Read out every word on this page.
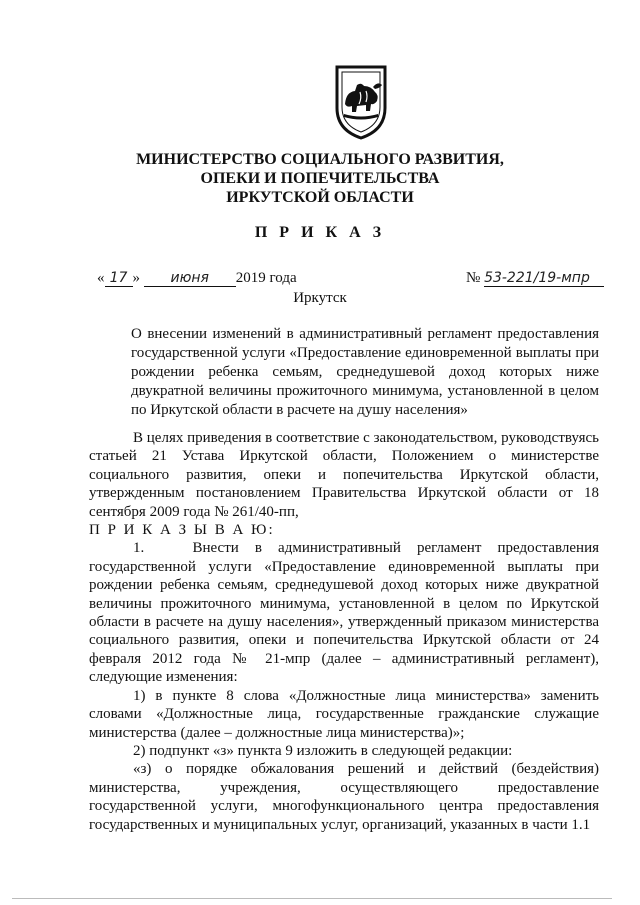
МИНИСТЕРСТВО СОЦИАЛЬНОГО РАЗВИТИЯ,
ОПЕКИ И ПОПЕЧИТЕЛЬСТВА
ИРКУТСКОЙ ОБЛАСТИ
П Р И К А З
« 17 » июня 2019 года	№ 53-221/19-мпр
Иркутск
О внесении изменений в административный регламент предоставления государственной услуги «Предоставление единовременной выплаты при рождении ребенка семьям, среднедушевой доход которых ниже двукратной величины прожиточного минимума, установленной в целом по Иркутской области в расчете на душу населения»

В целях приведения в соответствие с законодательством, руководствуясь статьей 21 Устава Иркутской области, Положением о министерстве социального развития, опеки и попечительства Иркутской области, утвержденным постановлением Правительства Иркутской области от 18 сентября 2009 года № 261/40-пп,

П Р И К А З Ы В А Ю:

1.   Внести в административный регламент предоставления государственной услуги «Предоставление единовременной выплаты при рождении ребенка семьям, среднедушевой доход которых ниже двукратной величины прожиточного минимума, установленной в целом по Иркутской области в расчете на душу населения», утвержденный приказом министерства социального развития, опеки и попечительства Иркутской области от 24 февраля 2012 года № 21-мпр (далее – административный регламент), следующие изменения:

1) в пункте 8 слова «Должностные лица министерства» заменить словами «Должностные лица, государственные гражданские служащие министерства (далее – должностные лица министерства)»;

2) подпункт «з» пункта 9 изложить в следующей редакции:

«з) о порядке обжалования решений и действий (бездействия) министерства, учреждения, осуществляющего предоставление государственной услуги, многофункционального центра предоставления государственных и муниципальных услуг, организаций, указанных в части 1.1
